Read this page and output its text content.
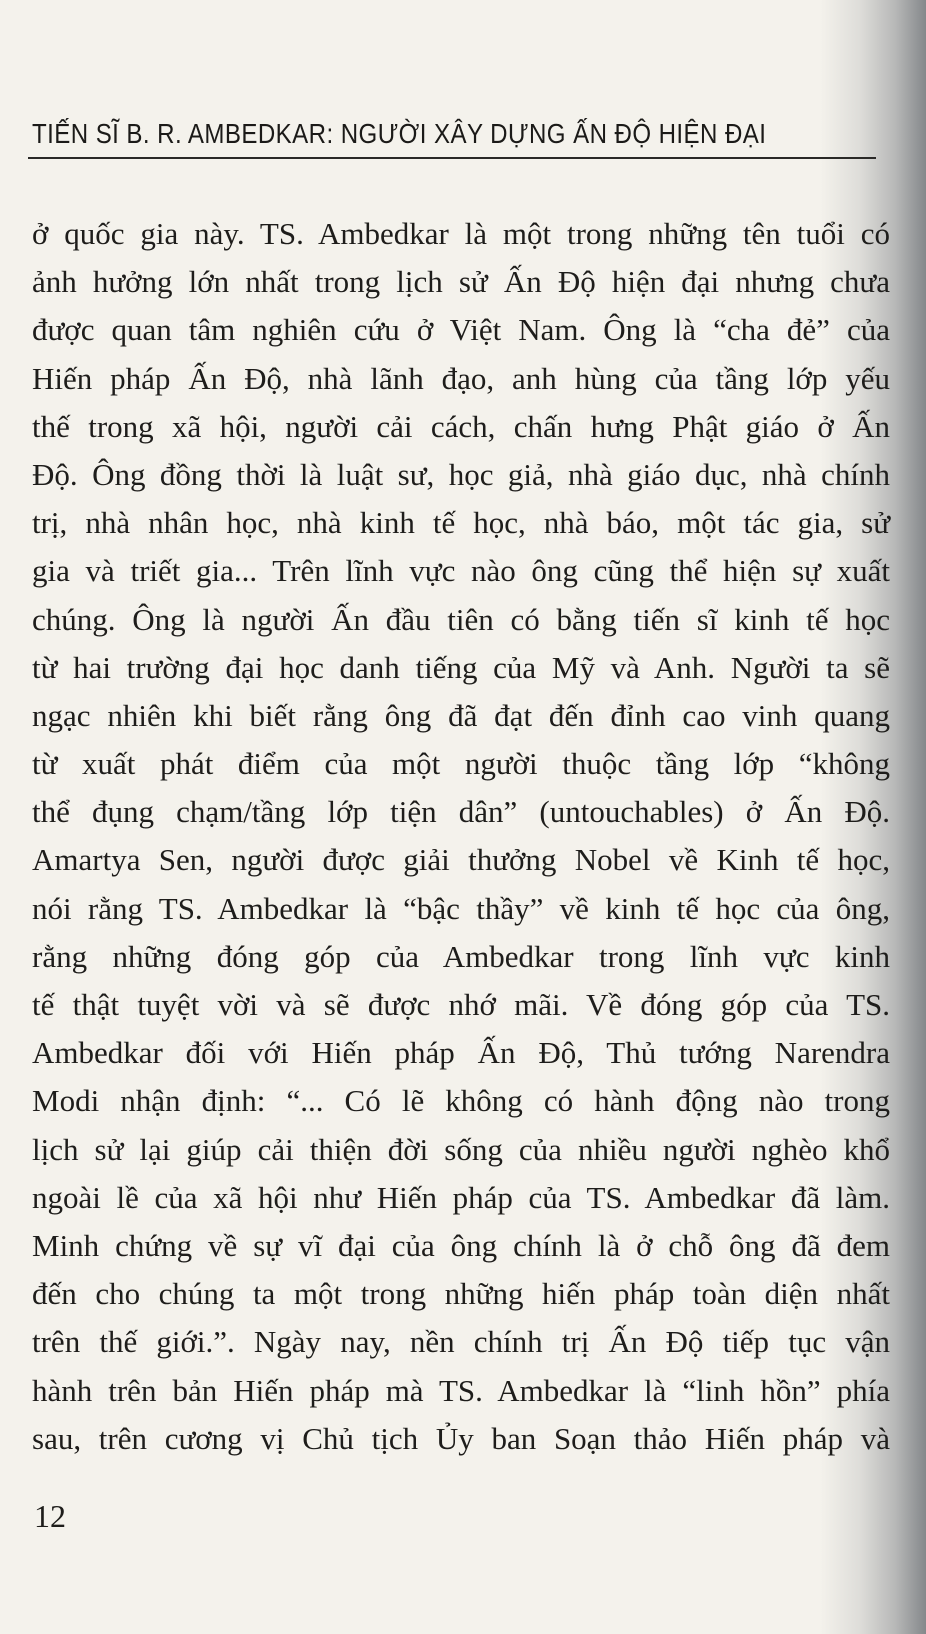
TIẾN SĨ B. R. AMBEDKAR: NGƯỜI XÂY DỰNG ẤN ĐỘ HIỆN ĐẠI
ở quốc gia này. TS. Ambedkar là một trong những tên tuổi có
ảnh hưởng lớn nhất trong lịch sử Ấn Độ hiện đại nhưng chưa
được quan tâm nghiên cứu ở Việt Nam. Ông là “cha đẻ” của
Hiến pháp Ấn Độ, nhà lãnh đạo, anh hùng của tầng lớp yếu
thế trong xã hội, người cải cách, chấn hưng Phật giáo ở Ấn
Độ. Ông đồng thời là luật sư, học giả, nhà giáo dục, nhà chính
trị, nhà nhân học, nhà kinh tế học, nhà báo, một tác gia, sử
gia và triết gia... Trên lĩnh vực nào ông cũng thể hiện sự xuất
chúng. Ông là người Ấn đầu tiên có bằng tiến sĩ kinh tế học
từ hai trường đại học danh tiếng của Mỹ và Anh. Người ta sẽ
ngạc nhiên khi biết rằng ông đã đạt đến đỉnh cao vinh quang
từ xuất phát điểm của một người thuộc tầng lớp “không
thể đụng chạm/tầng lớp tiện dân” (untouchables) ở Ấn Độ.
Amartya Sen, người được giải thưởng Nobel về Kinh tế học,
nói rằng TS. Ambedkar là “bậc thầy” về kinh tế học của ông,
rằng những đóng góp của Ambedkar trong lĩnh vực kinh
tế thật tuyệt vời và sẽ được nhớ mãi. Về đóng góp của TS.
Ambedkar đối với Hiến pháp Ấn Độ, Thủ tướng Narendra
Modi nhận định: “... Có lẽ không có hành động nào trong
lịch sử lại giúp cải thiện đời sống của nhiều người nghèo khổ
ngoài lề của xã hội như Hiến pháp của TS. Ambedkar đã làm.
Minh chứng về sự vĩ đại của ông chính là ở chỗ ông đã đem
đến cho chúng ta một trong những hiến pháp toàn diện nhất
trên thế giới.”. Ngày nay, nền chính trị Ấn Độ tiếp tục vận
hành trên bản Hiến pháp mà TS. Ambedkar là “linh hồn” phía
sau, trên cương vị Chủ tịch Ủy ban Soạn thảo Hiến pháp và
12
